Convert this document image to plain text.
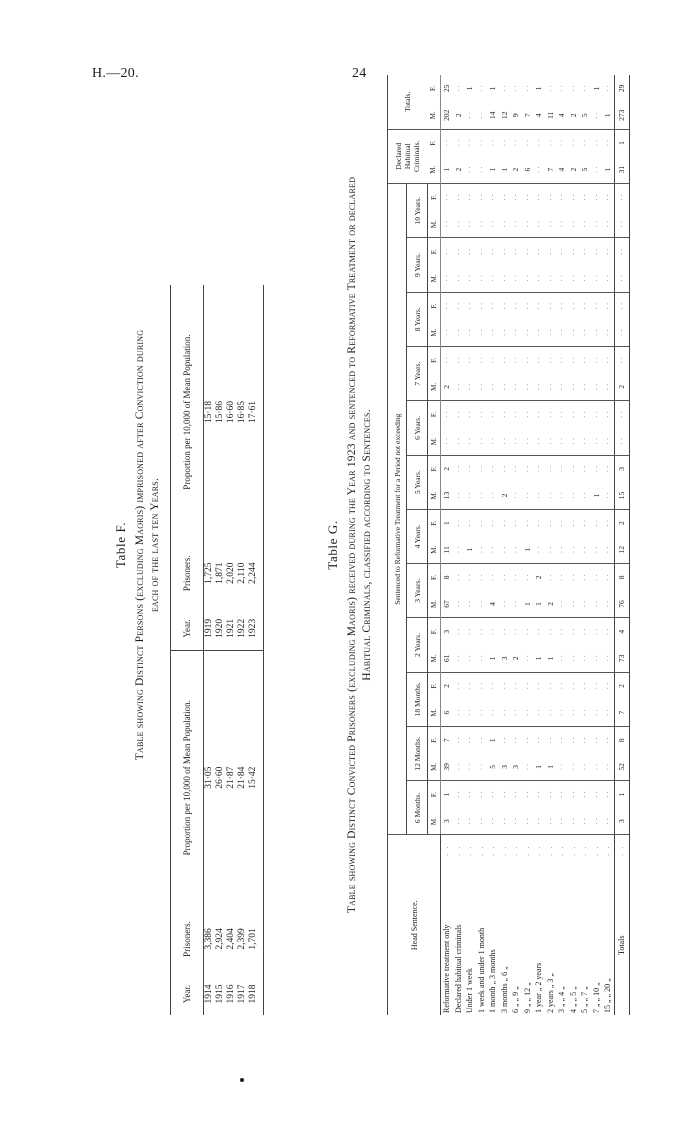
H.—20.	24
Table F. Table showing Distinct Persons (excluding Maoris) imprisoned after Conviction during each of the last ten Years.
Year.	Prisoners.	Proportion per 10,000 of Mean Population.	Year.	Prisoners.	Proportion per 10,000 of Mean Population.
1914	3,386	31·05	1919	1,725	15·18
1915	2,924	26·60	1920	1,871	15·86
1916	2,404	21·87	1921	2,020	16·60
1917	2,399	21·84	1922	2,110	16·85
1918	1,701	15·42	1923	2,244	17·61
Table G. Table showing Distinct Convicted Prisoners (excluding Maoris) received during the Year 1923 and sentenced to Reformative Treatment or declared Habitual Criminals, classified according to Sentences.
Head Sentence.		Sentenced to Reformative Treatment for a Period not exceeding																								Declared Habitual Criminals.		Totals.	
		6 Months.		12 Months.		18 Months.		2 Years.		3 Years.		4 Years.		5 Years.		6 Years.		7 Years.		8 Years.		9 Years.		10 Years.					
		M.	F.	M.	F.	M.	F.	M.	F.	M.	F.	M.	F.	M.	F.	M.	F.	M.	F.	M.	F.	M.	F.	M.	F.	M.	F.	M.	F.
Reformative treatment only	. .	3	1	39	7	6	2	61	3	67	8	11	1	13	2	· ·	· ·	2	· ·	· ·	· ·	· ·	· ·	· ·	· ·	1	· ·	202	25
Declared habitual criminals	. .	· ·	· ·	· ·	· ·	· ·	· ·	· ·	· ·	· ·	· ·	· ·	· ·	· ·	· ·	· ·	· ·	· ·	· ·	· ·	· ·	· ·	· ·	· ·	· ·	2	· ·	2	· ·
Under 1 week	. .	· ·	· ·	· ·	· ·	· ·	· ·	· ·	· ·	· ·	· ·	1	· ·	· ·	· ·	· ·	· ·	· ·	· ·	· ·	· ·	· ·	· ·	· ·	· ·	· ·	· ·	· ·	1
1 week and under 1 month	. .	· ·	· ·	· ·	· ·	· ·	· ·	· ·	· ·	· ·	· ·	· ·	· ·	· ·	· ·	· ·	· ·	· ·	· ·	· ·	· ·	· ·	· ·	· ·	· ·	· ·	· ·	· ·	· ·
1 month „ 3 months	. .	· ·	· ·	5	1	· ·	· ·	1	· ·	4	· ·	· ·	· ·	· ·	· ·	· ·	· ·	· ·	· ·	· ·	· ·	· ·	· ·	· ·	· ·	1	· ·	14	1
3 months „ 6 „	. .	· ·	· ·	3	· ·	· ·	· ·	3	· ·	· ·	· ·	· ·	· ·	2	· ·	· ·	· ·	· ·	· ·	· ·	· ·	· ·	· ·	· ·	· ·	1	· ·	12	· ·
6 „ „ 9 „	. .	· ·	· ·	3	· ·	· ·	· ·	2	· ·	· ·	· ·	· ·	· ·	· ·	· ·	· ·	· ·	· ·	· ·	· ·	· ·	· ·	· ·	· ·	· ·	2	· ·	9	· ·
9 „ „ 12 „	. .	· ·	· ·	· ·	· ·	· ·	· ·	· ·	· ·	1	· ·	1	· ·	· ·	· ·	· ·	· ·	· ·	· ·	· ·	· ·	· ·	· ·	· ·	· ·	6	· ·	7	· ·
1 year „ 2 years	. .	· ·	· ·	1	· ·	· ·	· ·	1	· ·	1	2	· ·	· ·	· ·	· ·	· ·	· ·	· ·	· ·	· ·	· ·	· ·	· ·	· ·	· ·	· ·	· ·	4	1
2 years „ 3 „	. .	· ·	· ·	1	· ·	· ·	· ·	1	· ·	2	· ·	· ·	· ·	· ·	· ·	· ·	· ·	· ·	· ·	· ·	· ·	· ·	· ·	· ·	· ·	7	· ·	11	· ·
3 „ „ 4 „	. .	· ·	· ·	· ·	· ·	· ·	· ·	· ·	· ·	· ·	· ·	· ·	· ·	· ·	· ·	· ·	· ·	· ·	· ·	· ·	· ·	· ·	· ·	· ·	· ·	4	· ·	4	· ·
4 „ „ 5 „	. .	· ·	· ·	· ·	· ·	· ·	· ·	· ·	· ·	· ·	· ·	· ·	· ·	· ·	· ·	· ·	· ·	· ·	· ·	· ·	· ·	· ·	· ·	· ·	· ·	2	· ·	2	· ·
5 „ „ 7 „	. .	· ·	· ·	· ·	· ·	· ·	· ·	· ·	· ·	· ·	· ·	· ·	· ·	· ·	· ·	· ·	· ·	· ·	· ·	· ·	· ·	· ·	· ·	· ·	· ·	5	· ·	5	· ·
7 „ „ 10 „	. .	· ·	· ·	· ·	· ·	· ·	· ·	· ·	· ·	· ·	· ·	· ·	· ·	1	· ·	· ·	· ·	· ·	· ·	· ·	· ·	· ·	· ·	· ·	· ·	· ·	· ·	· ·	1
15 „ „ 20 „	. .	· ·	· ·	· ·	· ·	· ·	· ·	· ·	· ·	· ·	· ·	· ·	· ·	· ·	· ·	· ·	· ·	· ·	· ·	· ·	· ·	· ·	· ·	· ·	· ·	1	· ·	1	· ·
Totals	. .	3	1	52	8	7	2	73	4	76	8	12	2	15	3	· ·	· ·	2	· ·	· ·	· ·	· ·	· ·	· ·	· ·	31	1	273	29
